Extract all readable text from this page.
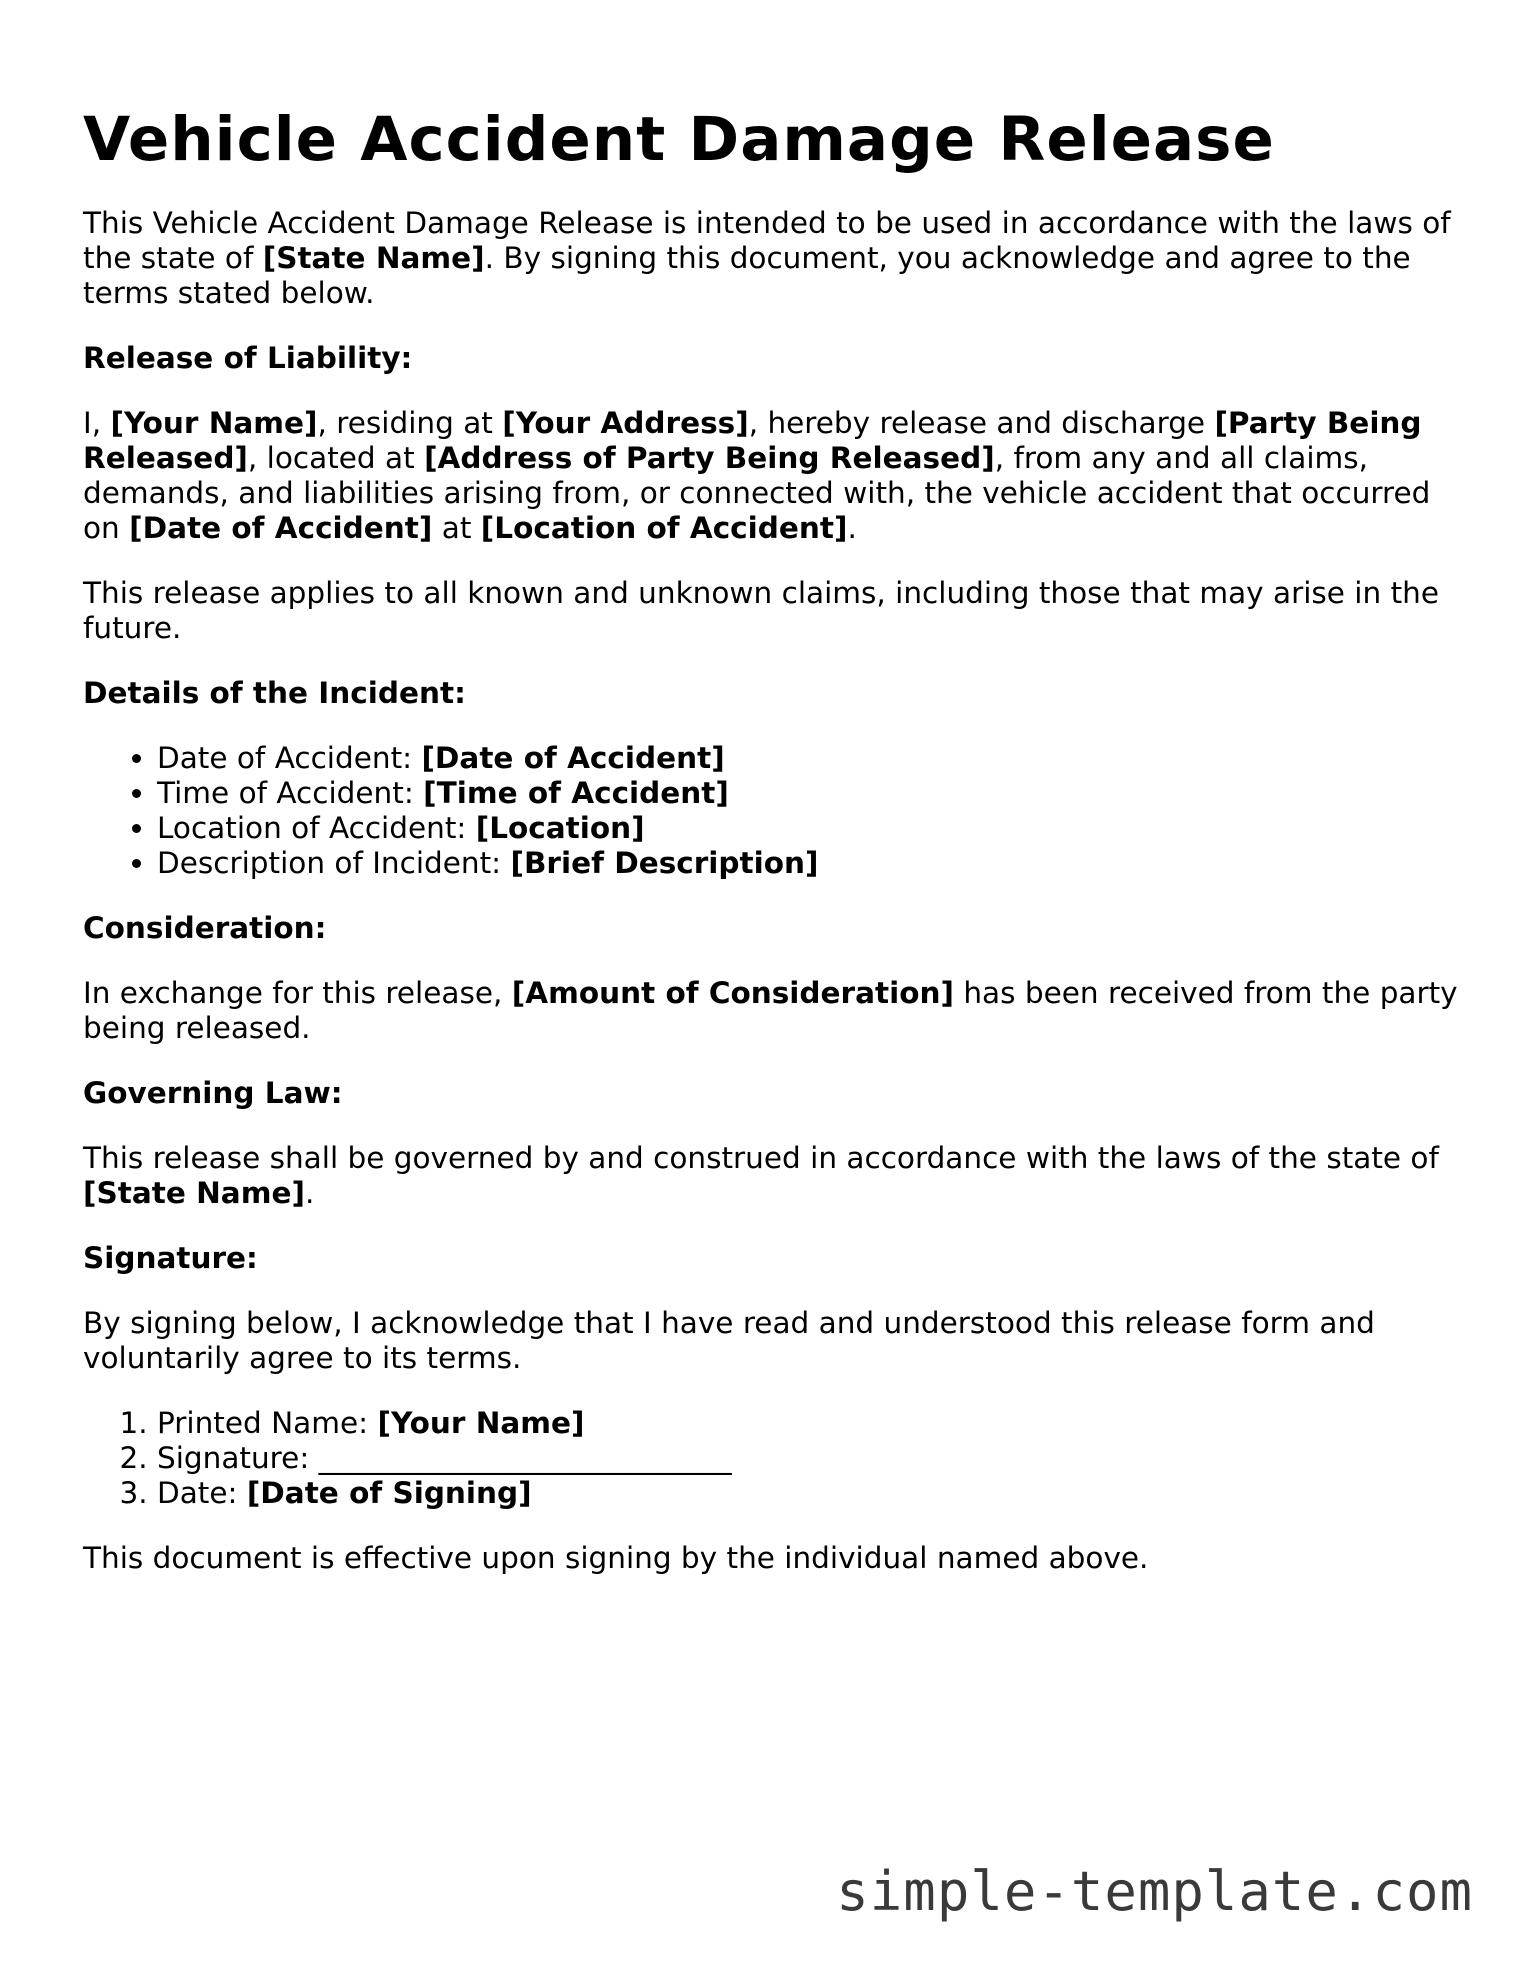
Vehicle Accident Damage Release

This Vehicle Accident Damage Release is intended to be used in accordance with the laws of the state of [State Name]. By signing this document, you acknowledge and agree to the terms stated below.

Release of Liability:

I, [Your Name], residing at [Your Address], hereby release and discharge [Party Being Released], located at [Address of Party Being Released], from any and all claims, demands, and liabilities arising from, or connected with, the vehicle accident that occurred on [Date of Accident] at [Location of Accident].

This release applies to all known and unknown claims, including those that may arise in the future.

Details of the Incident:
• Date of Accident: [Date of Accident]
• Time of Accident: [Time of Accident]
• Location of Accident: [Location]
• Description of Incident: [Brief Description]
Consideration:

In exchange for this release, [Amount of Consideration] has been received from the party being released.

Governing Law:

This release shall be governed by and construed in accordance with the laws of the state of [State Name].

Signature:

By signing below, I acknowledge that I have read and understood this release form and voluntarily agree to its terms.

1. Printed Name: [Your Name]
2. Signature: ____________________________
3. Date: [Date of Signing]

This document is effective upon signing by the individual named above.

simple-template.com
